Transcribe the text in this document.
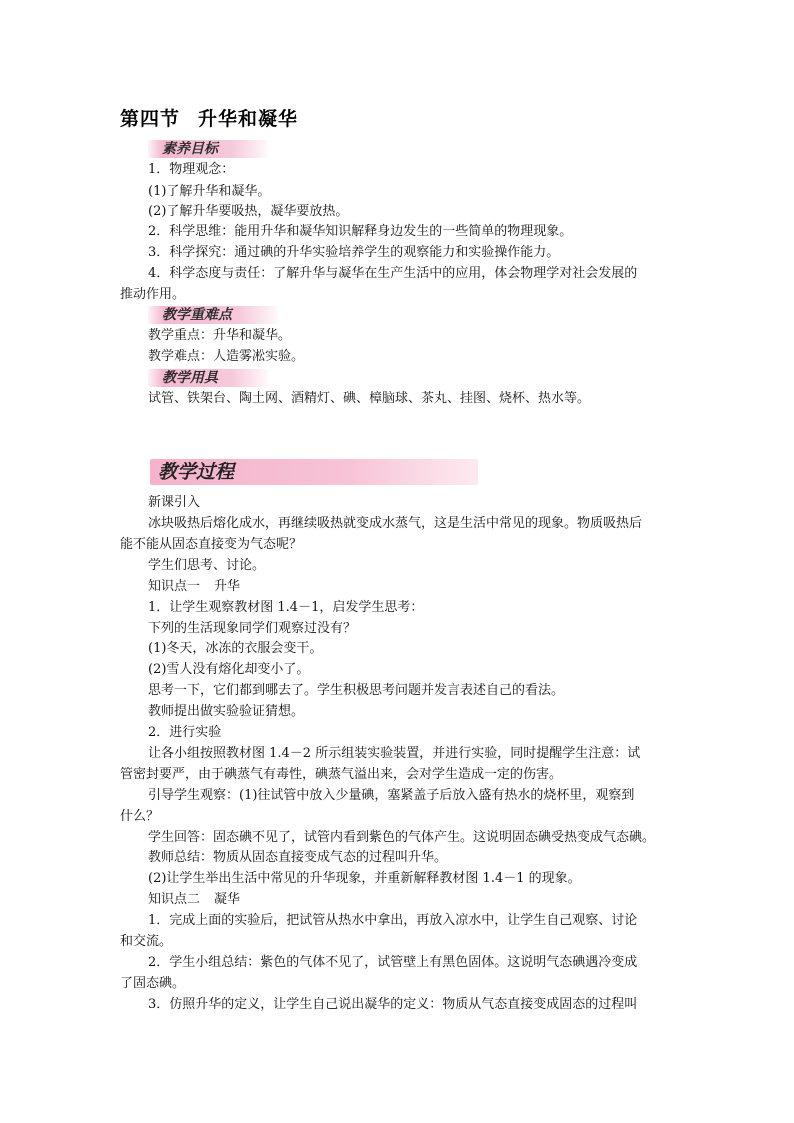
第四节 升华和凝华
素养目标
1．物理观念：
(1)了解升华和凝华。
(2)了解升华要吸热，凝华要放热。
2．科学思维：能用升华和凝华知识解释身边发生的一些简单的物理现象。
3．科学探究：通过碘的升华实验培养学生的观察能力和实验操作能力。
4．科学态度与责任：了解升华与凝华在生产生活中的应用，体会物理学对社会发展的
推动作用。
教学重难点
教学重点：升华和凝华。
教学难点：人造雾凇实验。
教学用具
试管、铁架台、陶土网、酒精灯、碘、樟脑球、茶丸、挂图、烧杯、热水等。
教学过程
新课引入
冰块吸热后熔化成水，再继续吸热就变成水蒸气，这是生活中常见的现象。物质吸热后
能不能从固态直接变为气态呢？
学生们思考、讨论。
知识点一 升华
1．让学生观察教材图 1.4－1，启发学生思考：
下列的生活现象同学们观察过没有？
(1)冬天，冰冻的衣服会变干。
(2)雪人没有熔化却变小了。
思考一下，它们都到哪去了。学生积极思考问题并发言表述自己的看法。
教师提出做实验验证猜想。
2．进行实验
让各小组按照教材图 1.4－2 所示组装实验装置，并进行实验，同时提醒学生注意：试
管密封要严，由于碘蒸气有毒性，碘蒸气溢出来，会对学生造成一定的伤害。
引导学生观察：(1)往试管中放入少量碘，塞紧盖子后放入盛有热水的烧杯里，观察到
什么？
学生回答：固态碘不见了，试管内看到紫色的气体产生。这说明固态碘受热变成气态碘。
教师总结：物质从固态直接变成气态的过程叫升华。
(2)让学生举出生活中常见的升华现象，并重新解释教材图 1.4－1 的现象。
知识点二 凝华
1．完成上面的实验后，把试管从热水中拿出，再放入凉水中，让学生自己观察、讨论
和交流。
2．学生小组总结：紫色的气体不见了，试管壁上有黑色固体。这说明气态碘遇冷变成
了固态碘。
3．仿照升华的定义，让学生自己说出凝华的定义：物质从气态直接变成固态的过程叫
